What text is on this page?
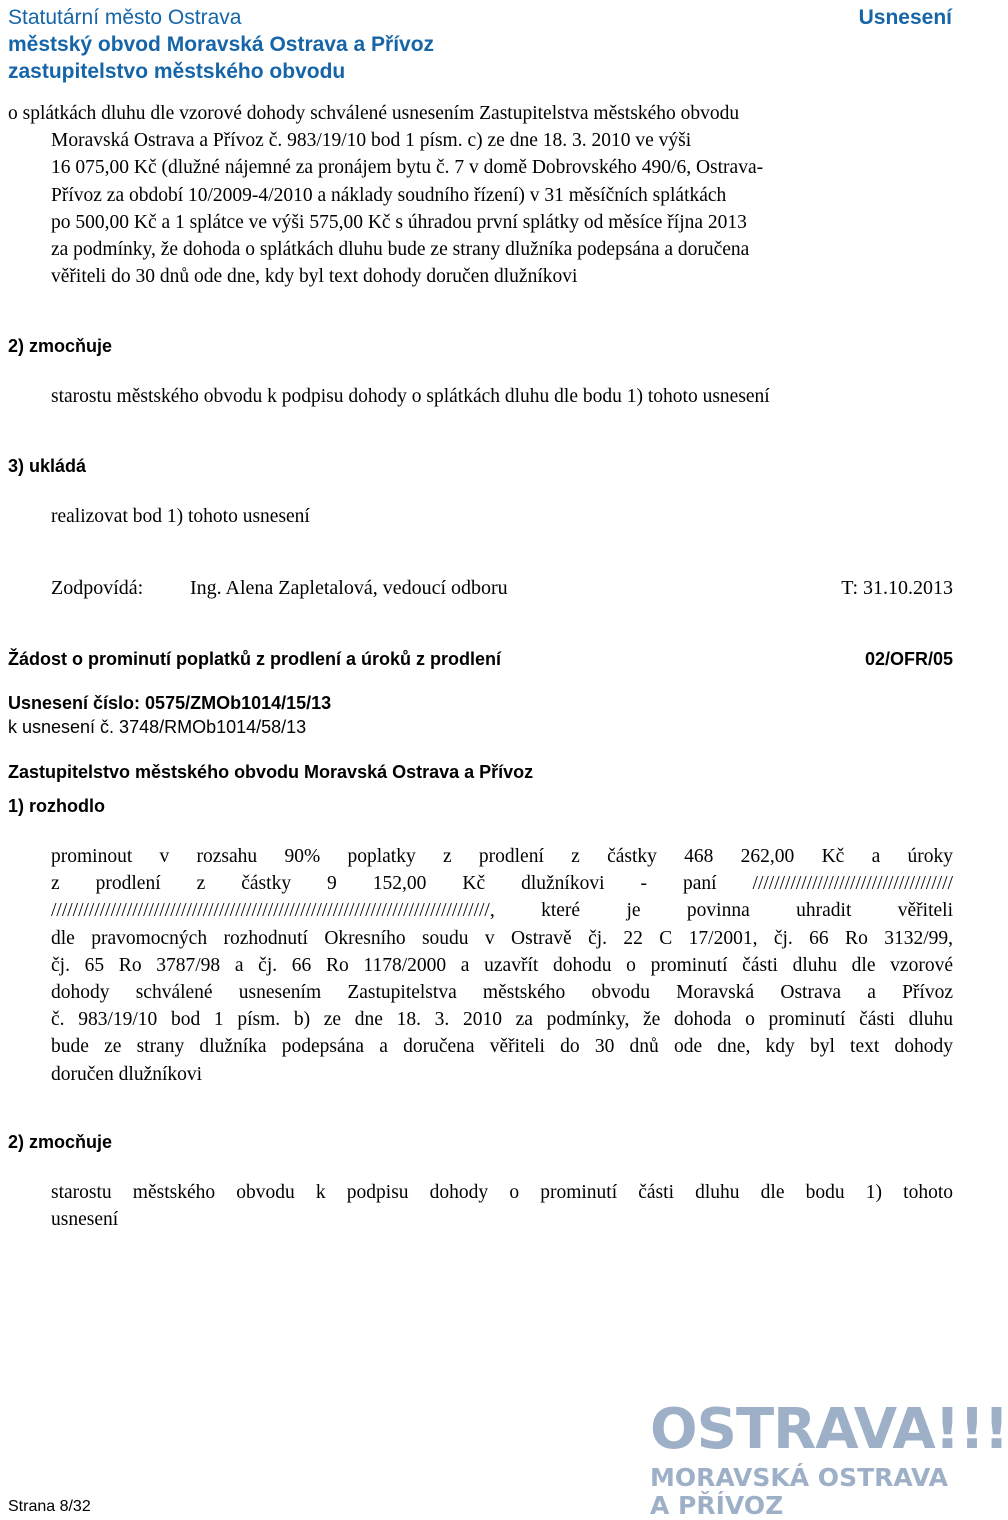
Statutární město Ostrava
městský obvod Moravská Ostrava a Přívoz
zastupitelstvo městského obvodu
Usnesení
o splátkách dluhu dle vzorové dohody schválené usnesením Zastupitelstva městského obvodu
Moravská Ostrava a Přívoz č. 983/19/10 bod 1 písm. c) ze dne 18. 3. 2010 ve výši
16 075,00 Kč (dlužné nájemné za pronájem bytu č. 7 v domě Dobrovského 490/6, Ostrava-
Přívoz za období 10/2009-4/2010 a náklady soudního řízení) v 31 měsíčních splátkách
po 500,00 Kč a 1 splátce ve výši 575,00 Kč s úhradou první splátky od měsíce října 2013
za podmínky, že dohoda o splátkách dluhu bude ze strany dlužníka podepsána a doručena
věřiteli do 30 dnů ode dne, kdy byl text dohody doručen dlužníkovi
2) zmocňuje
starostu městského obvodu k podpisu dohody o splátkách dluhu dle bodu 1) tohoto usnesení
3) ukládá
realizovat bod 1) tohoto usnesení
Zodpovídá: Ing. Alena Zapletalová, vedoucí odboru	T: 31.10.2013
Žádost o prominutí poplatků z prodlení a úroků z prodlení	02/OFR/05
Usnesení číslo: 0575/ZMOb1014/15/13
k usnesení č. 3748/RMOb1014/58/13
Zastupitelstvo městského obvodu Moravská Ostrava a Přívoz
1) rozhodlo
prominout v rozsahu 90% poplatky z prodlení z částky 468 262,00 Kč a úroky
z prodlení z částky 9 152,00 Kč dlužníkovi - paní /////////////////////////////////////
/////////////////////////////////////////////////////////////////////////////////, které je povinna uhradit věřiteli
dle pravomocných rozhodnutí Okresního soudu v Ostravě čj. 22 C 17/2001, čj. 66 Ro 3132/99,
čj. 65 Ro 3787/98 a čj. 66 Ro 1178/2000 a uzavřít dohodu o prominutí části dluhu dle vzorové
dohody schválené usnesením Zastupitelstva městského obvodu Moravská Ostrava a Přívoz
č. 983/19/10 bod 1 písm. b) ze dne 18. 3. 2010 za podmínky, že dohoda o prominutí části dluhu
bude ze strany dlužníka podepsána a doručena věřiteli do 30 dnů ode dne, kdy byl text dohody
doručen dlužníkovi
2) zmocňuje
starostu městského obvodu k podpisu dohody o prominutí části dluhu dle bodu 1) tohoto
usnesení
OSTRAVA!!!
MORAVSKÁ OSTRAVA
A PŘÍVOZ
Strana 8/32
